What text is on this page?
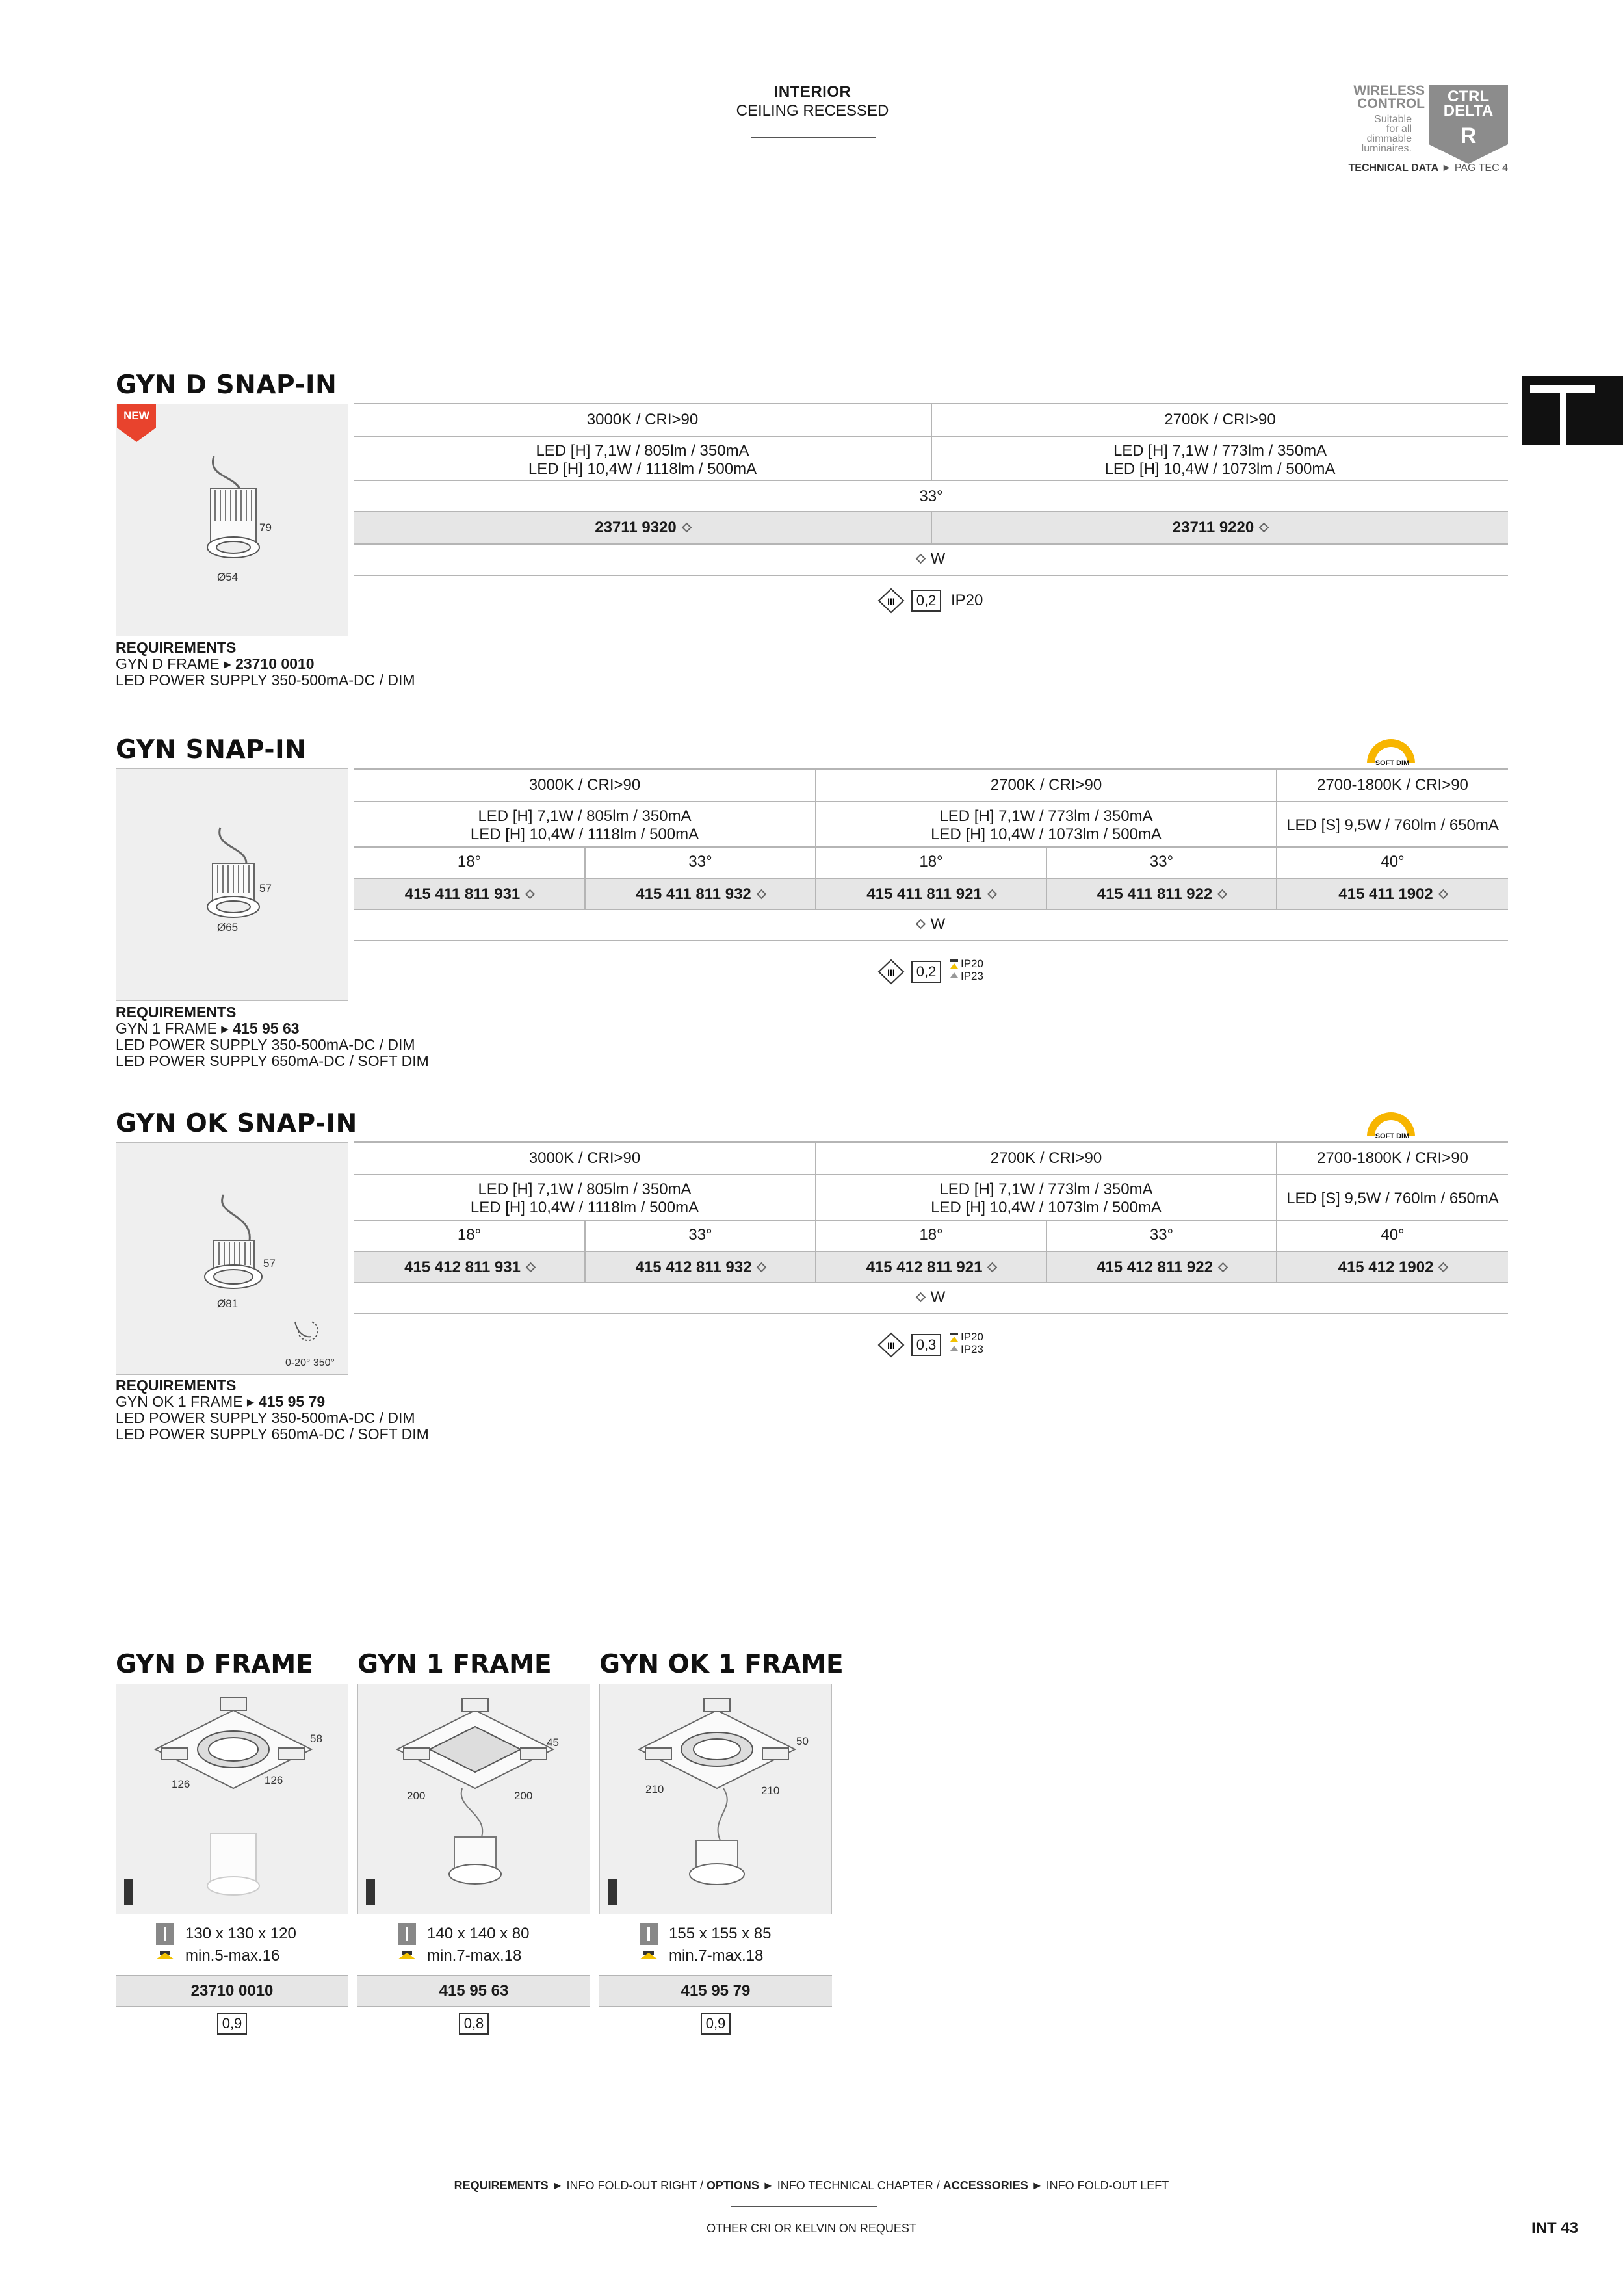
INTERIOR
CEILING RECESSED
WIRELESS
CONTROL
Suitable
for all
dimmable
luminaires.
CTRL
DELTA
R
TECHNICAL DATA ► PAG TEC 4
GYN D SNAP-IN
79
Ø54
NEW	3000K / CRI>90	2700K / CRI>90
LED [H] 7,1W / 805lm / 350mA
LED [H] 10,4W / 1118lm / 500mA
LED [H] 7,1W / 773lm / 350mA
LED [H] 10,4W / 1073lm / 500mA
33°
23711 9320	23711 9220
W
III	0,2 IP20
REQUIREMENTS
GYN D FRAME ▸ 23710 0010
LED POWER SUPPLY 350-500mA-DC / DIM
GYN SNAP-IN	SOFT DIM
57
Ø65
3000K / CRI>90	2700K / CRI>90	2700-1800K / CRI>90
LED [H] 7,1W / 805lm / 350mA
LED [H] 10,4W / 1118lm / 500mA
LED [H] 7,1W / 773lm / 350mA
LED [H] 10,4W / 1073lm / 500mA
LED [S] 9,5W / 760lm / 650mA
18°	33°	18°	33°	40°
415 411 811 931	415 411 811 932	415 411 811 921	415 411 811 922	415 411 1902
W
III	0,2	IP20
IP23
REQUIREMENTS
GYN 1 FRAME ▸ 415 95 63
LED POWER SUPPLY 350-500mA-DC / DIM
LED POWER SUPPLY 650mA-DC / SOFT DIM
GYN OK SNAP-IN	SOFT DIM
57
Ø81
0-20° 350°
3000K / CRI>90	2700K / CRI>90	2700-1800K / CRI>90
LED [H] 7,1W / 805lm / 350mA
LED [H] 10,4W / 1118lm / 500mA
LED [H] 7,1W / 773lm / 350mA
LED [H] 10,4W / 1073lm / 500mA
LED [S] 9,5W / 760lm / 650mA
18°	33°	18°	33°	40°
415 412 811 931	415 412 811 932	415 412 811 921	415 412 811 922	415 412 1902
W
III	0,3	IP20
IP23
REQUIREMENTS
GYN OK 1 FRAME ▸ 415 95 79
LED POWER SUPPLY 350-500mA-DC / DIM
LED POWER SUPPLY 650mA-DC / SOFT DIM
GYN D FRAME
58
126	126
130 x 130 x 120
min.5-max.16
23710 0010
0,9
GYN 1 FRAME
45
200	200
140 x 140 x 80
min.7-max.18
415 95 63
0,8
GYN OK 1 FRAME
50
210	210
155 x 155 x 85
min.7-max.18
415 95 79
0,9
REQUIREMENTS ► INFO FOLD-OUT RIGHT / OPTIONS ► INFO TECHNICAL CHAPTER / ACCESSORIES ► INFO FOLD-OUT LEFT
OTHER CRI OR KELVIN ON REQUEST	INT 43
